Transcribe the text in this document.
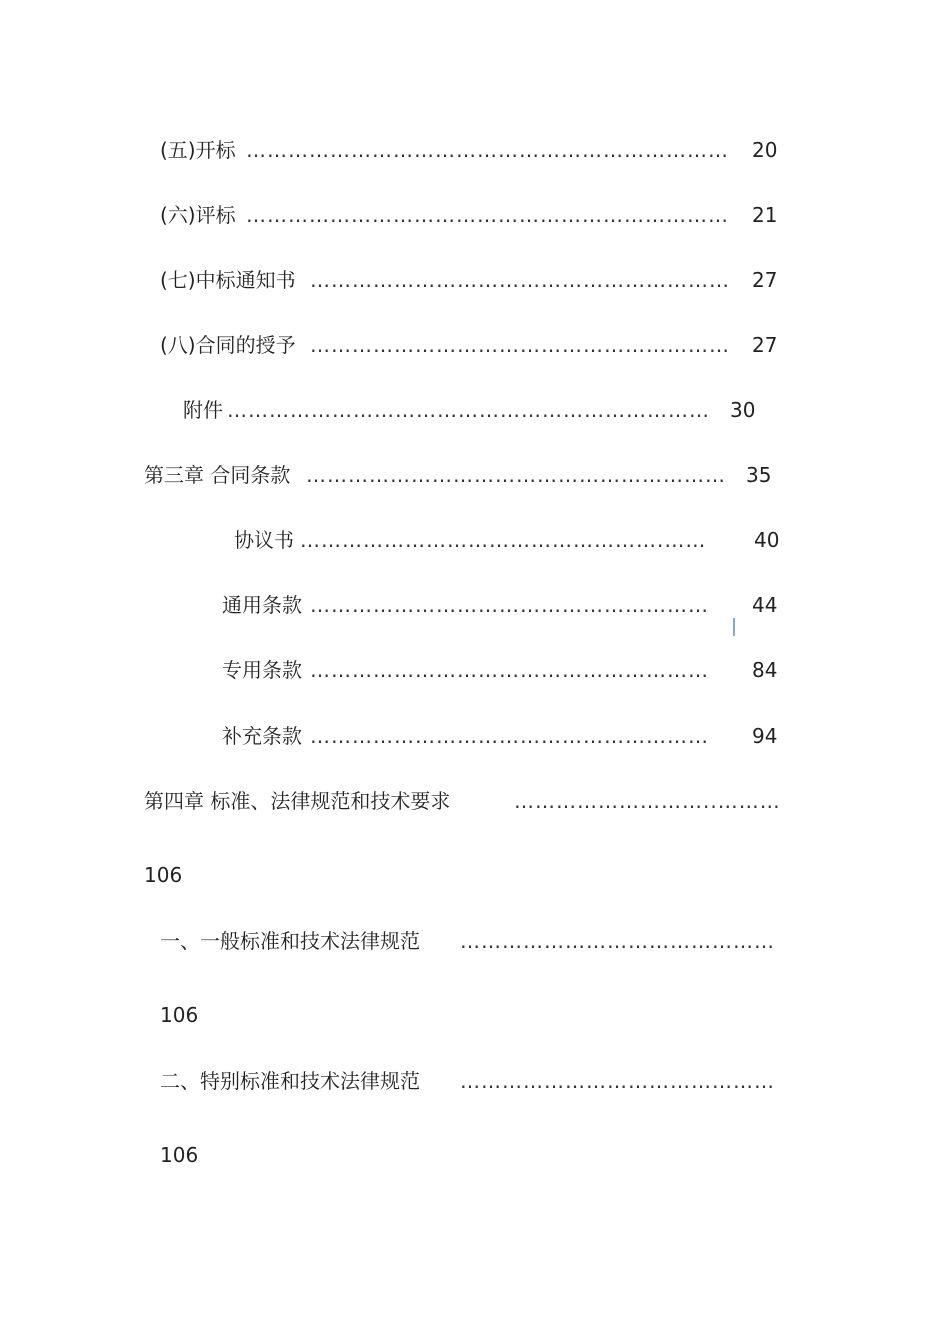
(五)开标 …………………………………………………………… 20
(六)评标 …………………………………………………………… 21
(七)中标通知书 …………………………………………………… 27
(八)合同的授予 …………………………………………………… 27
附件 ……………………………………………………………	30
第三章 合同条款 …………………………………………………… 35
协议书 …………………………………………….……	40
通用条款 …………………………………………………	44
专用条款 …………………………………………………	84
补充条款 …………………………………………………	94
第四章 标准、法律规范和技术要求	………………………..………
106
一、一般标准和技术法律规范 ………………………………………
106
二、特别标准和技术法律规范 ………………………………………
106
